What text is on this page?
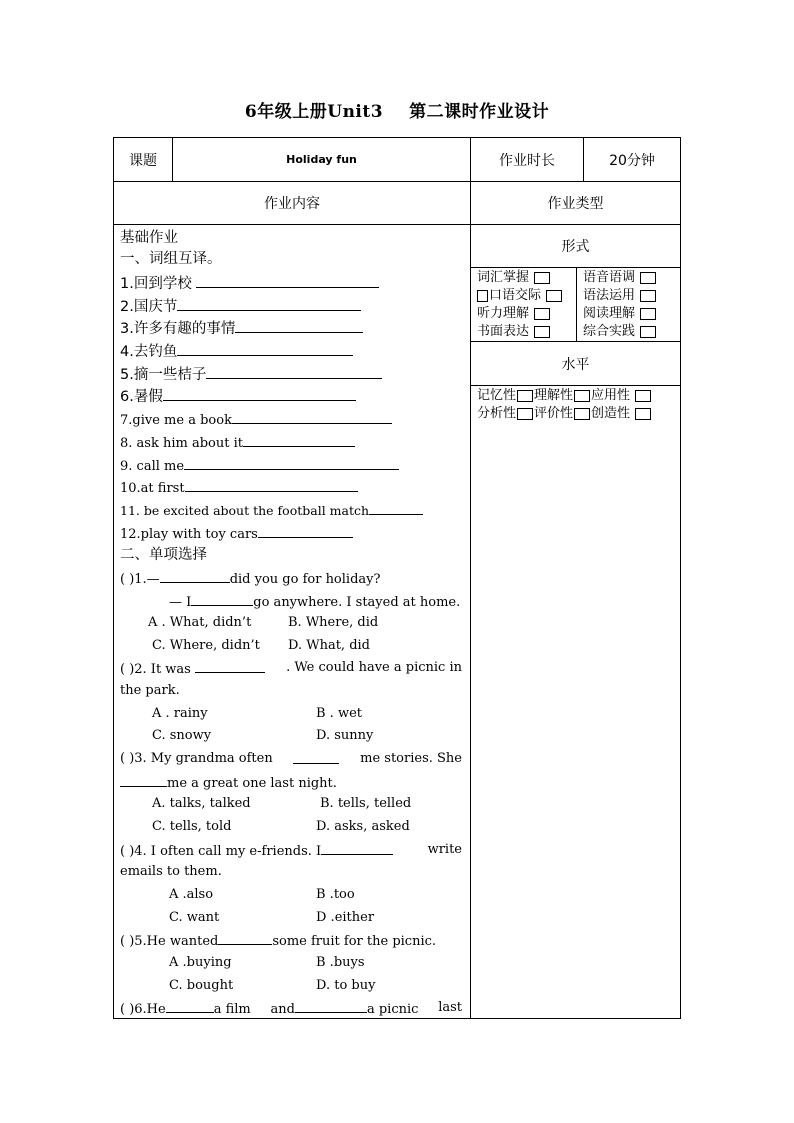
6年级上册Unit3 第二课时作业设计
课题	Holiday fun	作业时长	20分钟
作业内容	作业类型
形式
词汇掌握	语音语调
口语交际	语法运用
听力理解	阅读理解
书面表达	综合实践
水平
记忆性 理解性 应用性
分析性 评价性 创造性
基础作业
一、词组互译。
1.回到学校
2.国庆节
3.许多有趣的事情
4.去钓鱼
5.摘一些桔子
6.暑假
7.give me a book
8. ask him about it
9. call me
10.at first
11. be excited about the football match
12.play with toy cars
二、单项选择
( )1.—	did you go for holiday?
— I	go anywhere. I stayed at home.
A . What, didn’t	B. Where, did
C. Where, didn’t D. What, did
( )2. It was	. We could have a picnic in
the park.
A . rainy	B . wet
C. snowy	D. sunny
( )3. My grandma often	me stories. She
me a great one last night.
A. talks, talked	B. tells, telled
C. tells, told	D. asks, asked
( )4. I often call my e-friends. I	write
emails to them.
A .also	B .too
C. want	D .either
( )5.He wanted	some fruit for the picnic.
A .buying	B .buys
C. bought	D. to buy
( )6.He	a film and	a picnic last
